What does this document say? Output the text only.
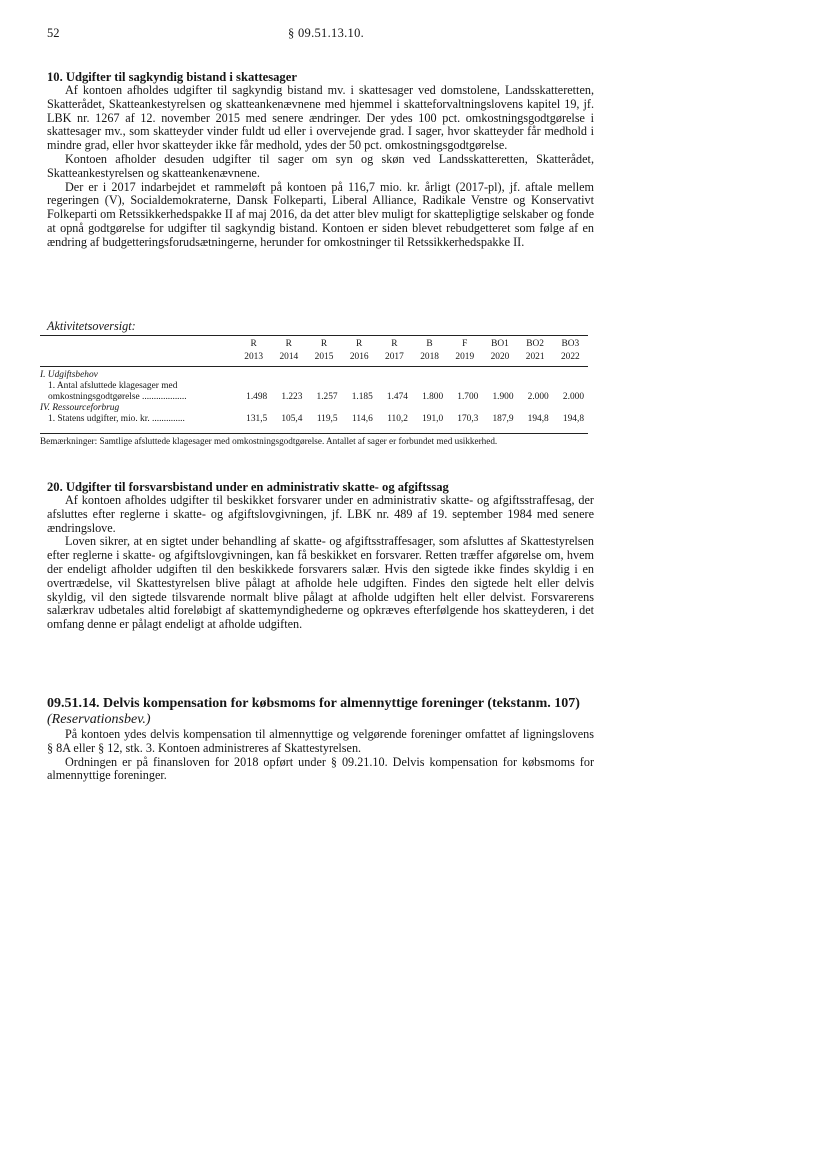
52	§ 09.51.13.10.

10. Udgifter til sagkyndig bistand i skattesager

Af kontoen afholdes udgifter til sagkyndig bistand mv. i skattesager ved domstolene, Landsskatteretten, Skatterådet, Skatteankestyrelsen og skatteankenævnene med hjemmel i skatteforvaltningslovens kapitel 19, jf. LBK nr. 1267 af 12. november 2015 med senere ændringer. Der ydes 100 pct. omkostningsgodtgørelse i skattesager mv., som skatteyder vinder fuldt ud eller i overvejende grad. I sager, hvor skatteyder får medhold i mindre grad, eller hvor skatteyder ikke får medhold, ydes der 50 pct. omkostningsgodtgørelse.

Kontoen afholder desuden udgifter til sager om syn og skøn ved Landsskatteretten, Skatterådet, Skatteankestyrelsen og skatteankenævnene.

Der er i 2017 indarbejdet et rammeløft på kontoen på 116,7 mio. kr. årligt (2017-pl), jf. aftale mellem regeringen (V), Socialdemokraterne, Dansk Folkeparti, Liberal Alliance, Radikale Venstre og Konservativt Folkeparti om Retssikkerhedspakke II af maj 2016, da det atter blev muligt for skattepligtige selskaber og fonde at opnå godtgørelse for udgifter til sagkyndig bistand. Kontoen er siden blevet rebudgetteret som følge af en ændring af budgetteringsforudsætningerne, herunder for omkostninger til Retssikkerhedspakke II.

Aktivitetsoversigt:
	R	R	R	R	R	B	F	BO1	BO2	BO3
	2013	2014	2015	2016	2017	2018	2019	2020	2021	2022

I. Udgiftsbehov										
1. Antal afsluttede klagesager med										
omkostningsgodtgørelse ...................	1.498	1.223	1.257	1.185	1.474	1.800	1.700	1.900	2.000	2.000
IV. Ressourceforbrug										
1. Statens udgifter, mio. kr. ..............	131,5	105,4	119,5	114,6	110,2	191,0	170,3	187,9	194,8	194,8
Bemærkninger: Samtlige afsluttede klagesager med omkostningsgodtgørelse. Antallet af sager er forbundet med usikkerhed.

20. Udgifter til forsvarsbistand under en administrativ skatte- og afgiftssag

Af kontoen afholdes udgifter til beskikket forsvarer under en administrativ skatte- og afgiftsstraffesag, der afsluttes efter reglerne i skatte- og afgiftslovgivningen, jf. LBK nr. 489 af 19. september 1984 med senere ændringslove.

Loven sikrer, at en sigtet under behandling af skatte- og afgiftsstraffesager, som afsluttes af Skattestyrelsen efter reglerne i skatte- og afgiftslovgivningen, kan få beskikket en forsvarer. Retten træffer afgørelse om, hvem der endeligt afholder udgiften til den beskikkede forsvarers salær. Hvis den sigtede ikke findes skyldig i en overtrædelse, vil Skattestyrelsen blive pålagt at afholde hele udgiften. Findes den sigtede helt eller delvis skyldig, vil den sigtede tilsvarende normalt blive pålagt at afholde udgiften helt eller delvist. Forsvarerens salærkrav udbetales altid foreløbigt af skattemyndighederne og opkræves efterfølgende hos skatteyderen, i det omfang denne er pålagt endeligt at afholde udgiften.

09.51.14. Delvis kompensation for købsmoms for almennyttige foreninger (tekstanm. 107) (Reservationsbev.)

På kontoen ydes delvis kompensation til almennyttige og velgørende foreninger omfattet af ligningslovens § 8A eller § 12, stk. 3. Kontoen administreres af Skattestyrelsen.

Ordningen er på finansloven for 2018 opført under § 09.21.10. Delvis kompensation for købsmoms for almennyttige foreninger.
